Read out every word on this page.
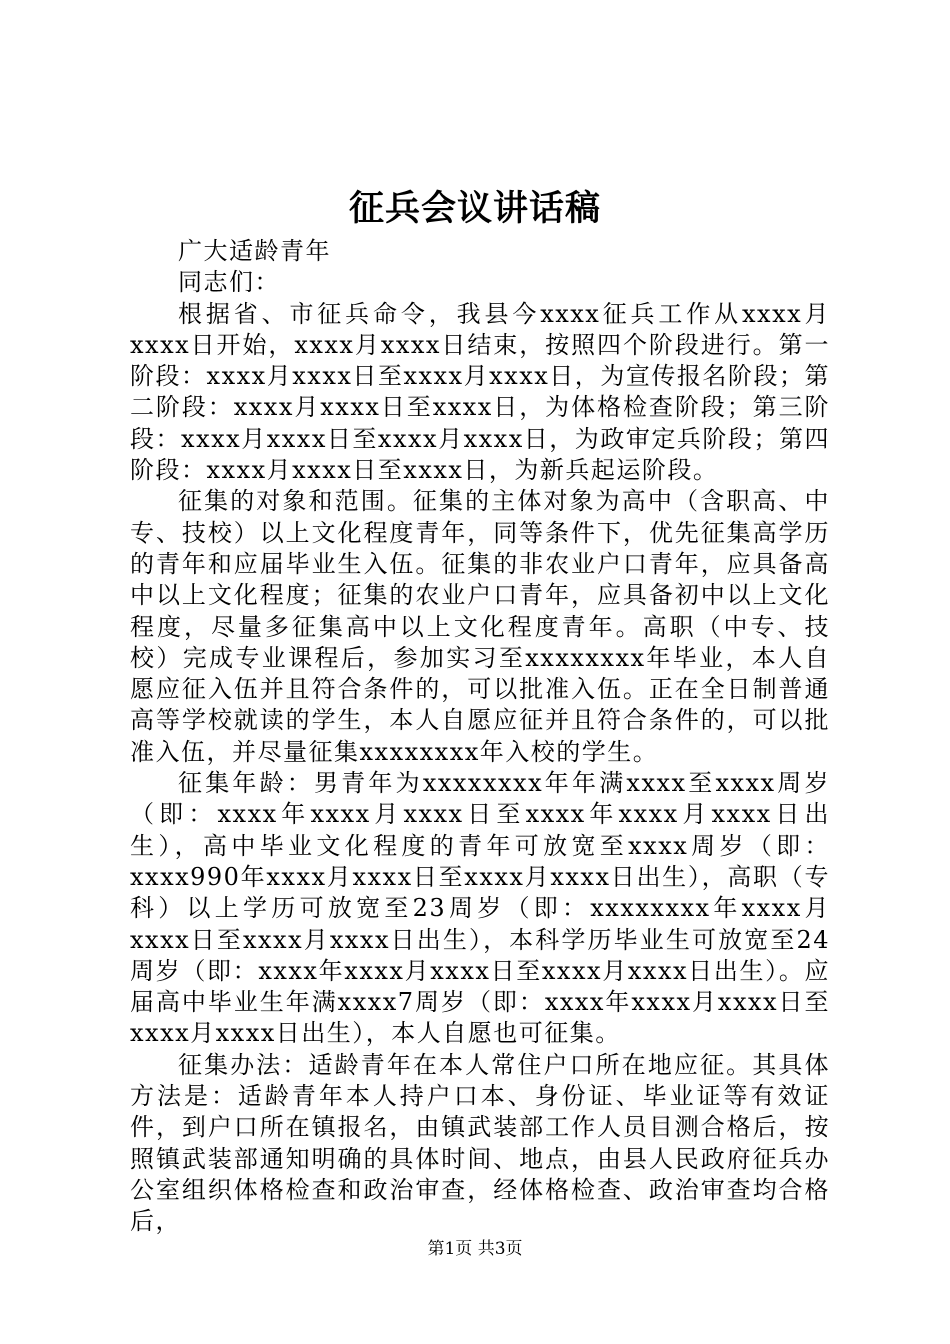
征兵会议讲话稿

广大适龄青年

同志们：

根据省、市征兵命令，我县今xxxx征兵工作从xxxx月xxxx日开始，xxxx月xxxx日结束，按照四个阶段进行。第一阶段：xxxx月xxxx日至xxxx月xxxx日，为宣传报名阶段；第二阶段：xxxx月xxxx日至xxxx日，为体格检查阶段；第三阶段：xxxx月xxxx日至xxxx月xxxx日，为政审定兵阶段；第四阶段：xxxx月xxxx日至xxxx日，为新兵起运阶段。

征集的对象和范围。征集的主体对象为高中（含职高、中专、技校）以上文化程度青年，同等条件下，优先征集高学历的青年和应届毕业生入伍。征集的非农业户口青年，应具备高中以上文化程度；征集的农业户口青年，应具备初中以上文化程度，尽量多征集高中以上文化程度青年。高职（中专、技校）完成专业课程后，参加实习至xxxxxxxx年毕业，本人自愿应征入伍并且符合条件的，可以批准入伍。正在全日制普通高等学校就读的学生，本人自愿应征并且符合条件的，可以批准入伍，并尽量征集xxxxxxxx年入校的学生。

征集年龄：男青年为xxxxxxxx年年满xxxx至xxxx周岁（即：xxxx年xxxx月xxxx日至xxxx年xxxx月xxxx日出生），高中毕业文化程度的青年可放宽至xxxx周岁（即：xxxx990年xxxx月xxxx日至xxxx月xxxx日出生），高职（专科）以上学历可放宽至23周岁（即：xxxxxxxx年xxxx月xxxx日至xxxx月xxxx日出生），本科学历毕业生可放宽至24周岁（即：xxxx年xxxx月xxxx日至xxxx月xxxx日出生）。应届高中毕业生年满xxxx7周岁（即：xxxx年xxxx月xxxx日至xxxx月xxxx日出生），本人自愿也可征集。

征集办法：适龄青年在本人常住户口所在地应征。其具体方法是：适龄青年本人持户口本、身份证、毕业证等有效证件，到户口所在镇报名，由镇武装部工作人员目测合格后，按照镇武装部通知明确的具体时间、地点，由县人民政府征兵办公室组织体格检查和政治审查，经体格检查、政治审查均合格后，

第1页 共3页
